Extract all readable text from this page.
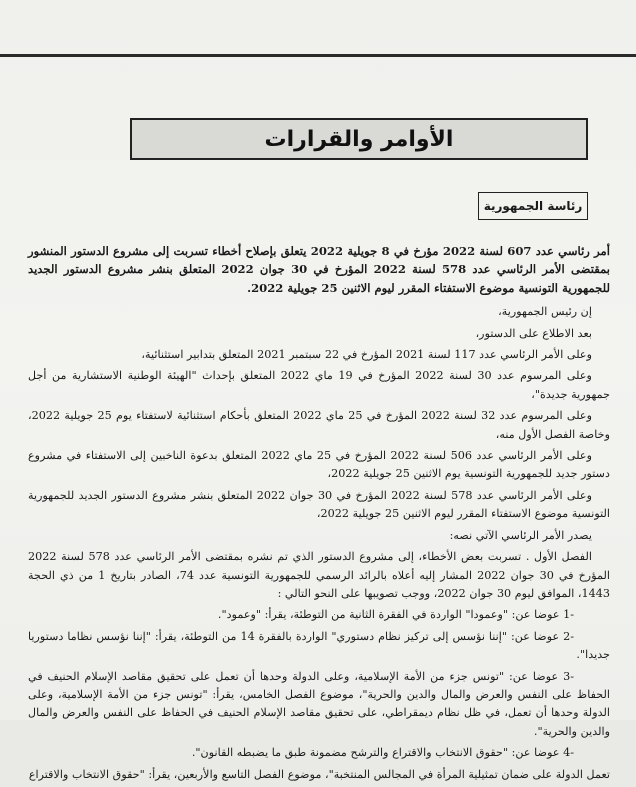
الأوامر والقرارات
رئاسة الجمهورية

أمر رئاسي عدد 607 لسنة 2022 مؤرخ في 8 جويلية 2022 يتعلق بإصلاح أخطاء تسربت إلى مشروع الدستور المنشور بمقتضى الأمر الرئاسي عدد 578 لسنة 2022 المؤرخ في 30 جوان 2022 المتعلق بنشر مشروع الدستور الجديد للجمهورية التونسية موضوع الاستفتاء المقرر ليوم الاثنين 25 جويلية 2022.

إن رئيس الجمهورية،

بعد الاطلاع على الدستور،

وعلى الأمر الرئاسي عدد 117 لسنة 2021 المؤرخ في 22 سبتمبر 2021 المتعلق بتدابير استثنائية،

وعلى المرسوم عدد 30 لسنة 2022 المؤرخ في 19 ماي 2022 المتعلق بإحداث "الهيئة الوطنية الاستشارية من أجل جمهورية جديدة"،

وعلى المرسوم عدد 32 لسنة 2022 المؤرخ في 25 ماي 2022 المتعلق بأحكام استثنائية لاستفتاء يوم 25 جويلية 2022، وخاصة الفصل الأول منه،

وعلى الأمر الرئاسي عدد 506 لسنة 2022 المؤرخ في 25 ماي 2022 المتعلق بدعوة الناخبين إلى الاستفتاء في مشروع دستور جديد للجمهورية التونسية يوم الاثنين 25 جويلية 2022،

وعلى الأمر الرئاسي عدد 578 لسنة 2022 المؤرخ في 30 جوان 2022 المتعلق بنشر مشروع الدستور الجديد للجمهورية التونسية موضوع الاستفتاء المقرر ليوم الاثنين 25 جويلية 2022،

يصدر الأمر الرئاسي الآتي نصه:

الفصل الأول . تسربت بعض الأخطاء، إلى مشروع الدستور الذي تم نشره بمقتضى الأمر الرئاسي عدد 578 لسنة 2022 المؤرخ في 30 جوان 2022 المشار إليه أعلاه بالرائد الرسمي للجمهورية التونسية عدد 74، الصادر بتاريخ 1 من ذي الحجة 1443، الموافق ليوم 30 جوان 2022، ووجب تصويبها على النحو التالي :

-1 عوضا عن: "وعمودا" الواردة في الفقرة الثانية من التوطئة، يقرأ: "وعمود".

-2 عوضا عن: "إننا نؤسس إلى تركيز نظام دستوري" الواردة بالفقرة 14 من التوطئة، يقرأ: "إننا نؤسس نظاما دستوريا جديدا".

-3 عوضا عن: "تونس جزء من الأمة الإسلامية، وعلى الدولة وحدها أن تعمل على تحقيق مقاصد الإسلام الحنيف في الحفاظ على النفس والعرض والمال والدين والحرية"، موضوع الفصل الخامس، يقرأ: "تونس جزء من الأمة الإسلامية، وعلى الدولة وحدها أن تعمل، في ظل نظام ديمقراطي، على تحقيق مقاصد الإسلام الحنيف في الحفاظ على النفس والعرض والمال والدين والحرية".

-4 عوضا عن: "حقوق الانتخاب والاقتراع والترشح مضمونة طبق ما يضبطه القانون".

تعمل الدولة على ضمان تمثيلية المرأة في المجالس المنتخبة"، موضوع الفصل التاسع والأربعين، يقرأ: "حقوق الانتخاب والاقتراع
